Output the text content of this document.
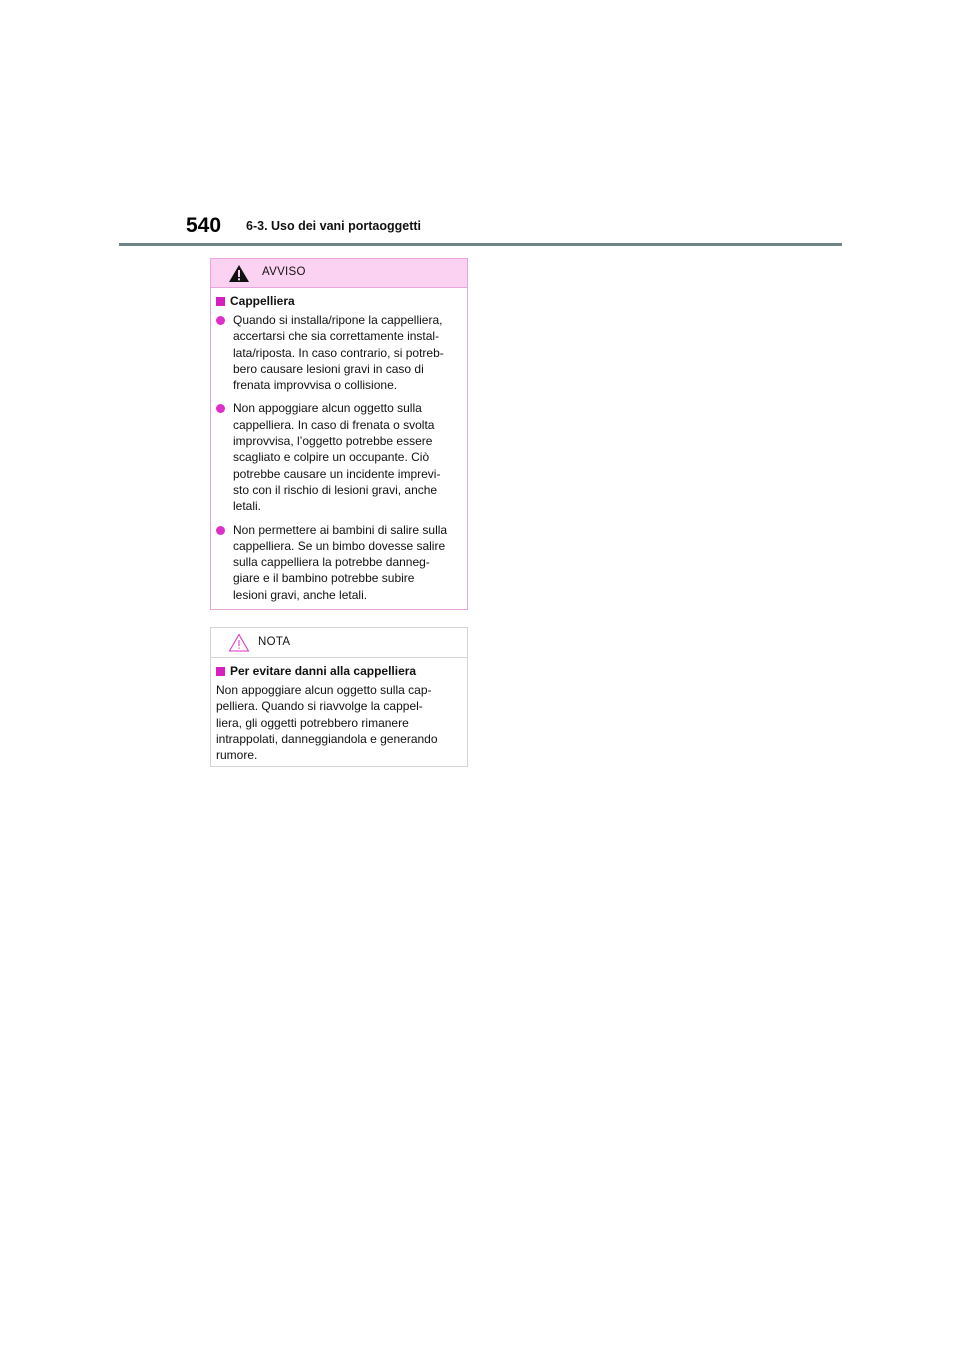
540 6-3. Uso dei vani portaoggetti
AVVISO
Cappelliera
Quando si installa/ripone la cappelliera,
accertarsi che sia correttamente instal-
lata/riposta. In caso contrario, si potreb-
bero causare lesioni gravi in caso di
frenata improvvisa o collisione.
Non appoggiare alcun oggetto sulla
cappelliera. In caso di frenata o svolta
improvvisa, l’oggetto potrebbe essere
scagliato e colpire un occupante. Ciò
potrebbe causare un incidente imprevi-
sto con il rischio di lesioni gravi, anche
letali.
Non permettere ai bambini di salire sulla
cappelliera. Se un bimbo dovesse salire
sulla cappelliera la potrebbe danneg-
giare e il bambino potrebbe subire
lesioni gravi, anche letali.
NOTA
Per evitare danni alla cappelliera
Non appoggiare alcun oggetto sulla cap-
pelliera. Quando si riavvolge la cappel-
liera, gli oggetti potrebbero rimanere
intrappolati, danneggiandola e generando
rumore.
